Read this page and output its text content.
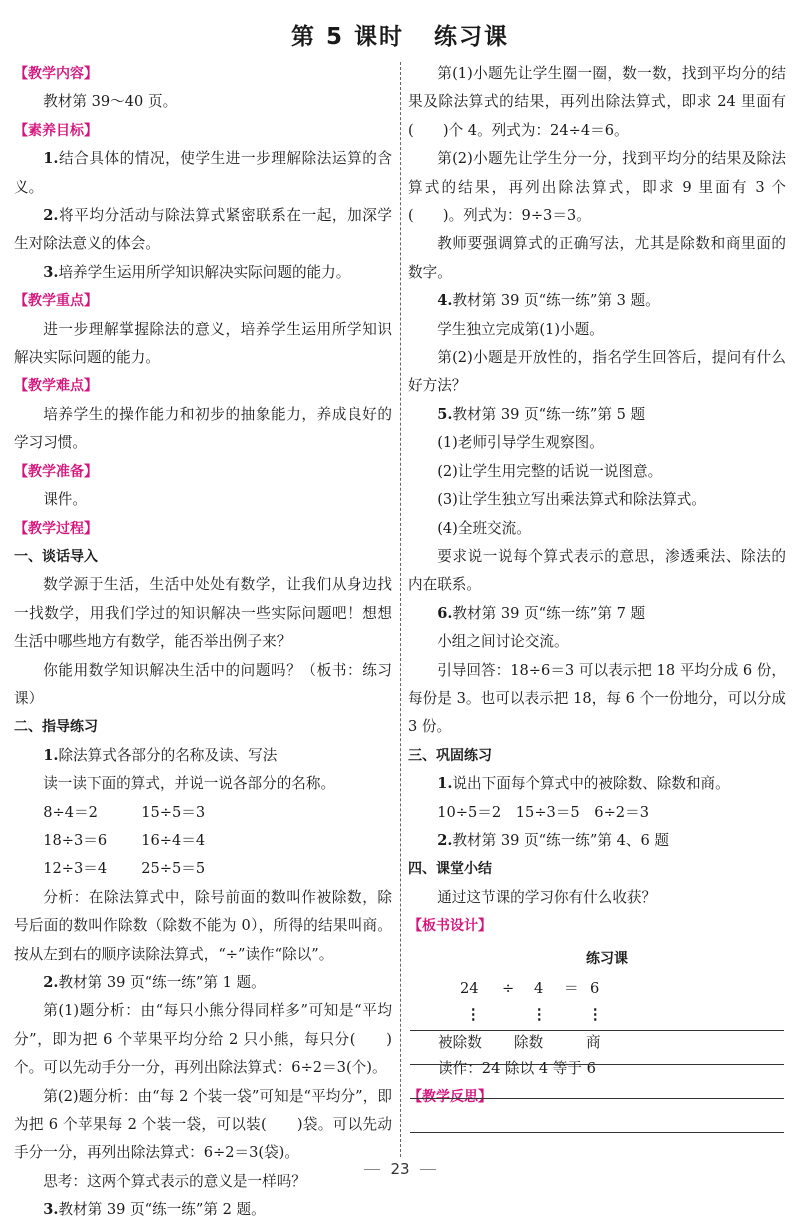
第 5 课时 练习课

【教学内容】

教材第 39～40 页。

【素养目标】

1.结合具体的情况，使学生进一步理解除法运算的含义。

2.将平均分活动与除法算式紧密联系在一起，加深学生对除法意义的体会。

3.培养学生运用所学知识解决实际问题的能力。

【教学重点】

进一步理解掌握除法的意义，培养学生运用所学知识解决实际问题的能力。

【教学难点】

培养学生的操作能力和初步的抽象能力，养成良好的学习习惯。

【教学准备】

课件。

【教学过程】

一、谈话导入

数学源于生活，生活中处处有数学，让我们从身边找一找数学，用我们学过的知识解决一些实际问题吧！想想生活中哪些地方有数学，能否举出例子来？

你能用数学知识解决生活中的问题吗？（板书：练习课）

二、指导练习

1.除法算式各部分的名称及读、写法

读一读下面的算式，并说一说各部分的名称。

8÷4＝2	15÷5＝3

18÷3＝6 16÷4＝4

12÷3＝4 25÷5＝5

分析：在除法算式中，除号前面的数叫作被除数，除号后面的数叫作除数（除数不能为 0），所得的结果叫商。按从左到右的顺序读除法算式，“÷”读作“除以”。

2.教材第 39 页“练一练”第 1 题。

第(1)题分析：由“每只小熊分得同样多”可知是“平均分”，即为把 6 个苹果平均分给 2 只小熊，每只分(　　)个。可以先动手分一分，再列出除法算式：6÷2＝3(个)。

第(2)题分析：由“每 2 个装一袋”可知是“平均分”，即为把 6 个苹果每 2 个装一袋，可以装(　　)袋。可以先动手分一分，再列出除法算式：6÷2＝3(袋)。

思考：这两个算式表示的意义是一样吗？

3.教材第 39 页“练一练”第 2 题。

第(1)小题先让学生圈一圈，数一数，找到平均分的结果及除法算式的结果，再列出除法算式，即求 24 里面有(　　)个 4。列式为：24÷4＝6。

第(2)小题先让学生分一分，找到平均分的结果及除法算式的结果，再列出除法算式，即求 9 里面有 3 个(　　)。列式为：9÷3＝3。

教师要强调算式的正确写法，尤其是除数和商里面的数字。

4.教材第 39 页“练一练”第 3 题。

学生独立完成第(1)小题。

第(2)小题是开放性的，指名学生回答后，提问有什么好方法？

5.教材第 39 页“练一练”第 5 题

(1)老师引导学生观察图。

(2)让学生用完整的话说一说图意。

(3)让学生独立写出乘法算式和除法算式。

(4)全班交流。

要求说一说每个算式表示的意思，渗透乘法、除法的内在联系。

6.教材第 39 页“练一练”第 7 题

小组之间讨论交流。

引导回答：18÷6＝3 可以表示把 18 平均分成 6 份，每份是 3。也可以表示把 18，每 6 个一份地分，可以分成 3 份。

三、巩固练习

1.说出下面每个算式中的被除数、除数和商。

10÷5＝2　15÷3＝5　6÷2＝3

2.教材第 39 页“练一练”第 4、6 题

四、课堂小结

通过这节课的学习你有什么收获？

【板书设计】

练习课

24 ÷ 4 ＝ 6
⋮	⋮	⋮
被除数 除数	商
读作：24 除以 4 等于 6

【教学反思】

23
